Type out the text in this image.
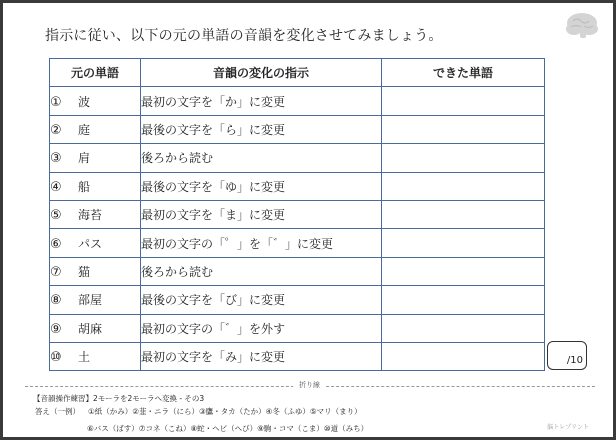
指示に従い、以下の元の単語の音韻を変化させてみましょう。
元の単語	音韻の変化の指示	できた単語
① 波	最初の文字を「か」に変更	
② 庭	最後の文字を「ら」に変更	
③ 肩	後ろから読む	
④ 船	最後の文字を「ゆ」に変更	
⑤ 海苔	最初の文字を「ま」に変更	
⑥ パス	最初の文字の「゜」を「゛」に変更	
⑦ 猫	後ろから読む	
⑧ 部屋	最後の文字を「び」に変更	
⑨ 胡麻	最初の文字の「゛」を外す	
⑩ 土	最初の文字を「み」に変更		/10
折り線
【音韻操作練習】2モーラを2モーラへ変換 - その3
答え（一例） ①紙（かみ）②韮・ニラ（にら）③鷹・タカ（たか）④冬（ふゆ）⑤マリ（まり）
⑥バス（ばす）⑦コネ（こね）⑧蛇・ヘビ（へび）⑨駒・コマ（こま）⑩道（みち）	脳トレプリント
